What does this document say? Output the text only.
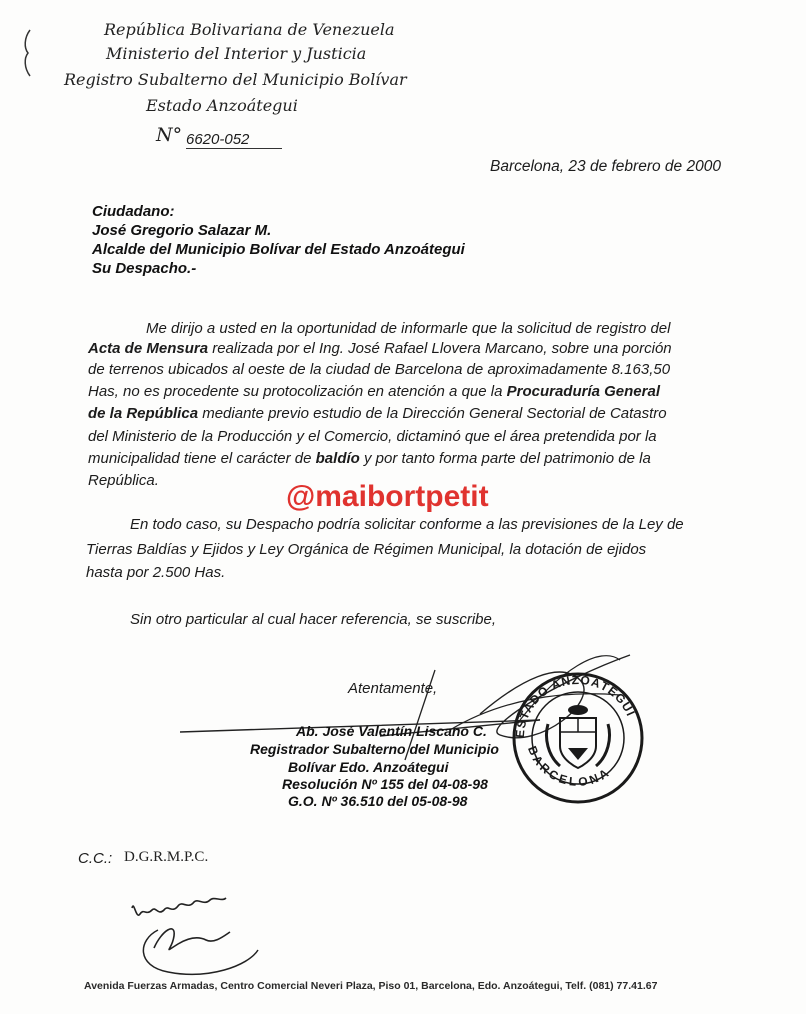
República Bolivariana de Venezuela
Ministerio del Interior y Justicia
Registro Subalterno del Municipio Bolívar
Estado Anzoátegui
N° 6620-052
Barcelona, 23 de febrero de 2000
Ciudadano:
José Gregorio Salazar M.
Alcalde del Municipio Bolívar del Estado Anzoátegui
Su Despacho.-
Me dirijo a usted en la oportunidad de informarle que la solicitud de registro del
Acta de Mensura realizada por el Ing. José Rafael Llovera Marcano, sobre una porción
de terrenos ubicados al oeste de la ciudad de Barcelona de aproximadamente 8.163,50
Has, no es procedente su protocolización en atención a que la Procuraduría General
de la República mediante previo estudio de la Dirección General Sectorial de Catastro
del Ministerio de la Producción y el Comercio, dictaminó que el área pretendida por la
municipalidad tiene el carácter de baldío y por tanto forma parte del patrimonio de la
República.	@maibortpetit
En todo caso, su Despacho podría solicitar conforme a las previsiones de la Ley de
Tierras Baldías y Ejidos y Ley Orgánica de Régimen Municipal, la dotación de ejidos
hasta por 2.500 Has.
Sin otro particular al cual hacer referencia, se suscribe,
Atentamente,
Ab. José Valentín Liscano C.
Registrador Subalterno del Municipio
Bolívar Edo. Anzoátegui
Resolución Nº 155 del 04-08-98
G.O. Nº 36.510 del 05-08-98
ESTADO ANZOÁTEGUI
BARCELONA
C.C.: D.G.R.M.P.C.
Avenida Fuerzas Armadas, Centro Comercial Neveri Plaza, Piso 01, Barcelona, Edo. Anzoátegui, Telf. (081) 77.41.67
